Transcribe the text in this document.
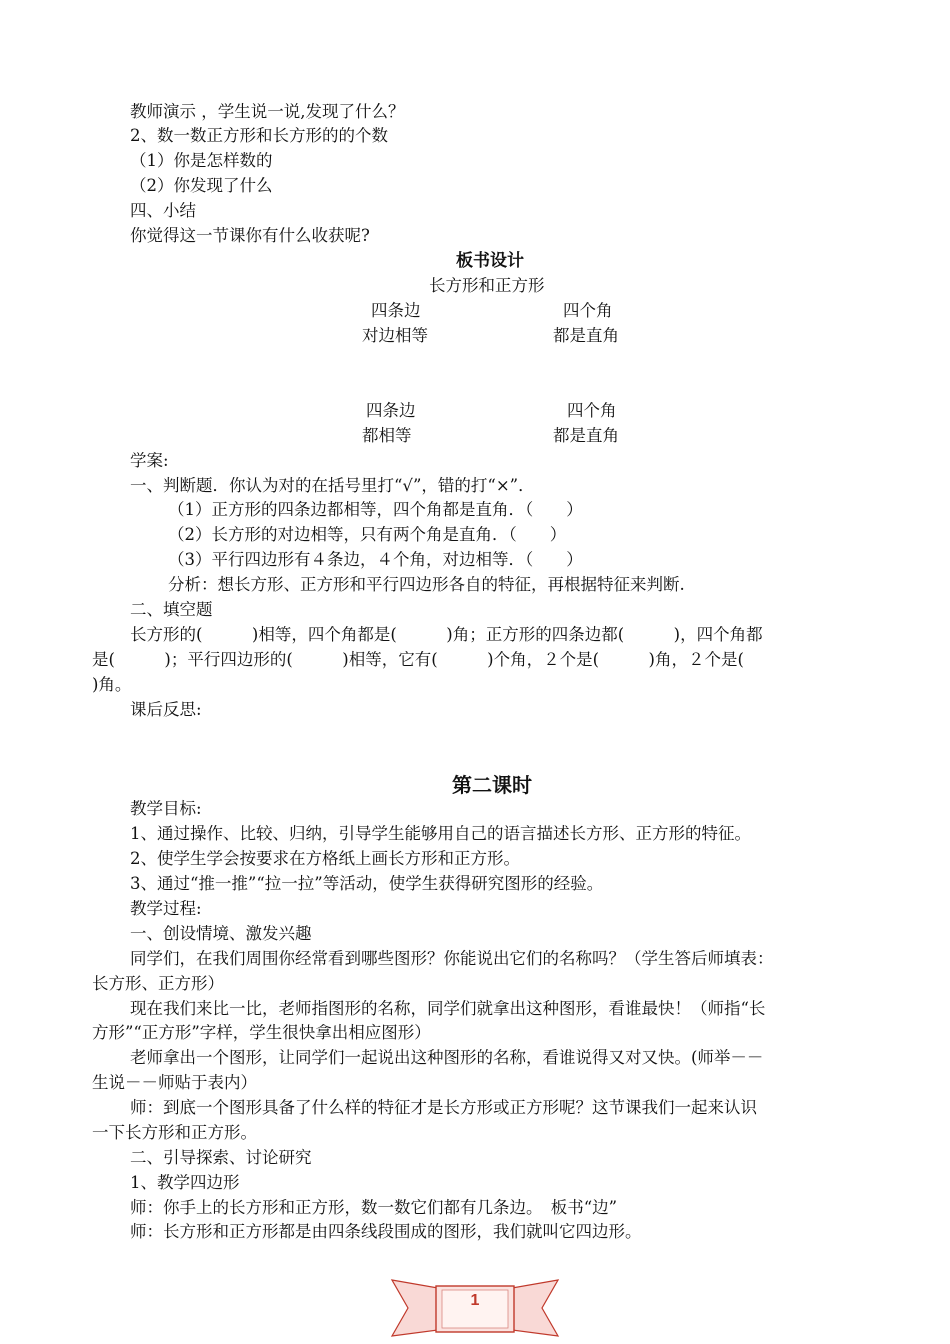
教师演示 ，学生说一说,发现了什么？
2、数一数正方形和长方形的的个数
（1）你是怎样数的
（2）你发现了什么
四、小结
你觉得这一节课你有什么收获呢?
板书设计
长方形和正方形
四条边	四个角
对边相等	都是直角
四条边	四个角
都相等	都是直角
学案:
一、判断题．你认为对的在括号里打“√”，错的打“×”．
（1）正方形的四条边都相等，四个角都是直角．（　　）
（2）长方形的对边相等，只有两个角是直角．（　　）
（3）平行四边形有４条边，４个角，对边相等．（　　）
分析：想长方形、正方形和平行四边形各自的特征，再根据特征来判断.
二、填空题
长方形的(　　　)相等，四个角都是(　　　)角；正方形的四条边都(　　　)，四个角都
是(　　　)；平行四边形的(　　　)相等，它有(　　　)个角，２个是(　　　)角，２个是(
)角。
课后反思:
第二课时
教学目标:
1、通过操作、比较、归纳，引导学生能够用自己的语言描述长方形、正方形的特征。
2、使学生学会按要求在方格纸上画长方形和正方形。
3、通过“推一推”“拉一拉”等活动，使学生获得研究图形的经验。
教学过程:
一、创设情境、激发兴趣
同学们，在我们周围你经常看到哪些图形？你能说出它们的名称吗？（学生答后师填表：
长方形、正方形）
现在我们来比一比，老师指图形的名称，同学们就拿出这种图形，看谁最快！（师指“长
方形”“正方形”字样，学生很快拿出相应图形）
老师拿出一个图形，让同学们一起说出这种图形的名称，看谁说得又对又快。(师举－－
生说－－师贴于表内）
师：到底一个图形具备了什么样的特征才是长方形或正方形呢？这节课我们一起来认识
一下长方形和正方形。
二、引导探索、讨论研究
1、教学四边形
师：你手上的长方形和正方形，数一数它们都有几条边。　板书“边”
师：长方形和正方形都是由四条线段围成的图形，我们就叫它四边形。
1
